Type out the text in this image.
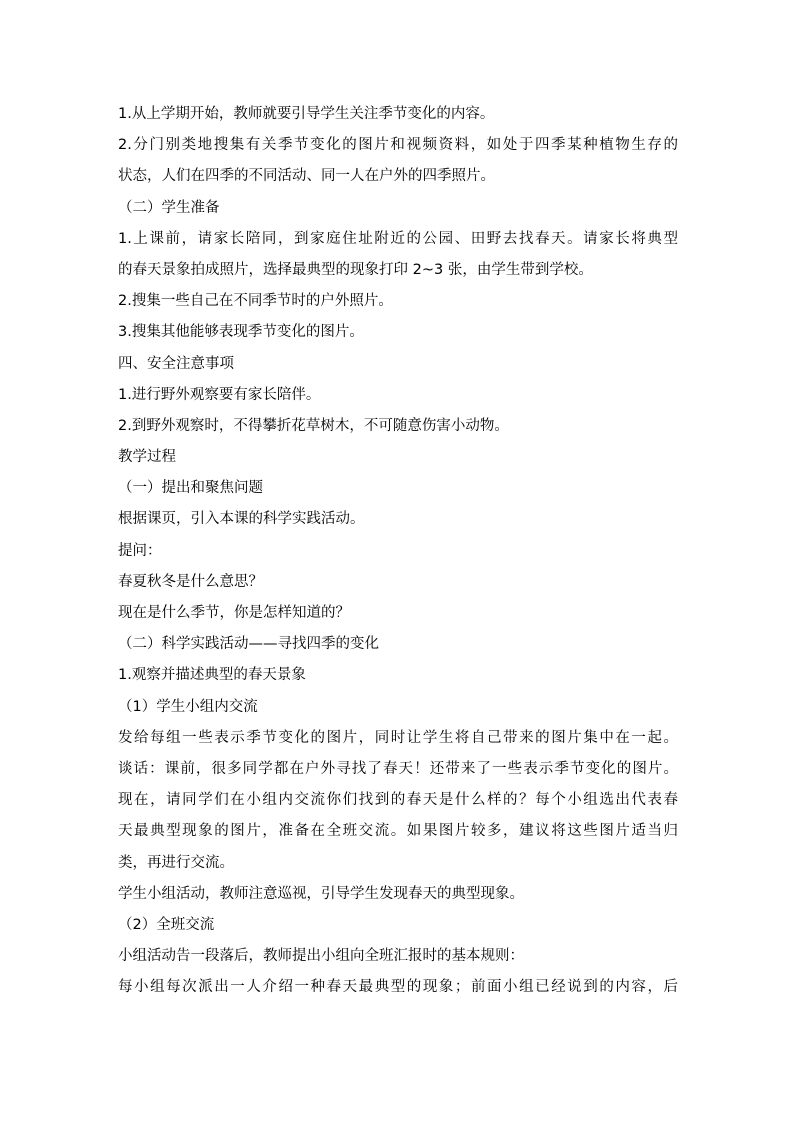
1.从上学期开始，教师就要引导学生关注季节变化的内容。
2.分门别类地搜集有关季节变化的图片和视频资料，如处于四季某种植物生存的
状态，人们在四季的不同活动、同一人在户外的四季照片。
（二）学生准备
1.上课前，请家长陪同，到家庭住址附近的公园、田野去找春天。请家长将典型
的春天景象拍成照片，选择最典型的现象打印 2~3 张，由学生带到学校。
2.搜集一些自己在不同季节时的户外照片。
3.搜集其他能够表现季节变化的图片。
四、安全注意事项
1.进行野外观察要有家长陪伴。
2.到野外观察时，不得攀折花草树木，不可随意伤害小动物。
教学过程
（一）提出和聚焦问题
根据课页，引入本课的科学实践活动。
提问：
春夏秋冬是什么意思？
现在是什么季节，你是怎样知道的？
（二）科学实践活动——寻找四季的变化
1.观察并描述典型的春天景象
（1）学生小组内交流
发给每组一些表示季节变化的图片，同时让学生将自己带来的图片集中在一起。
谈话：课前，很多同学都在户外寻找了春天！还带来了一些表示季节变化的图片。
现在，请同学们在小组内交流你们找到的春天是什么样的？每个小组选出代表春
天最典型现象的图片，准备在全班交流。如果图片较多，建议将这些图片适当归
类，再进行交流。
学生小组活动，教师注意巡视，引导学生发现春天的典型现象。
（2）全班交流
小组活动告一段落后，教师提出小组向全班汇报时的基本规则：
每小组每次派出一人介绍一种春天最典型的现象；前面小组已经说到的内容，后
